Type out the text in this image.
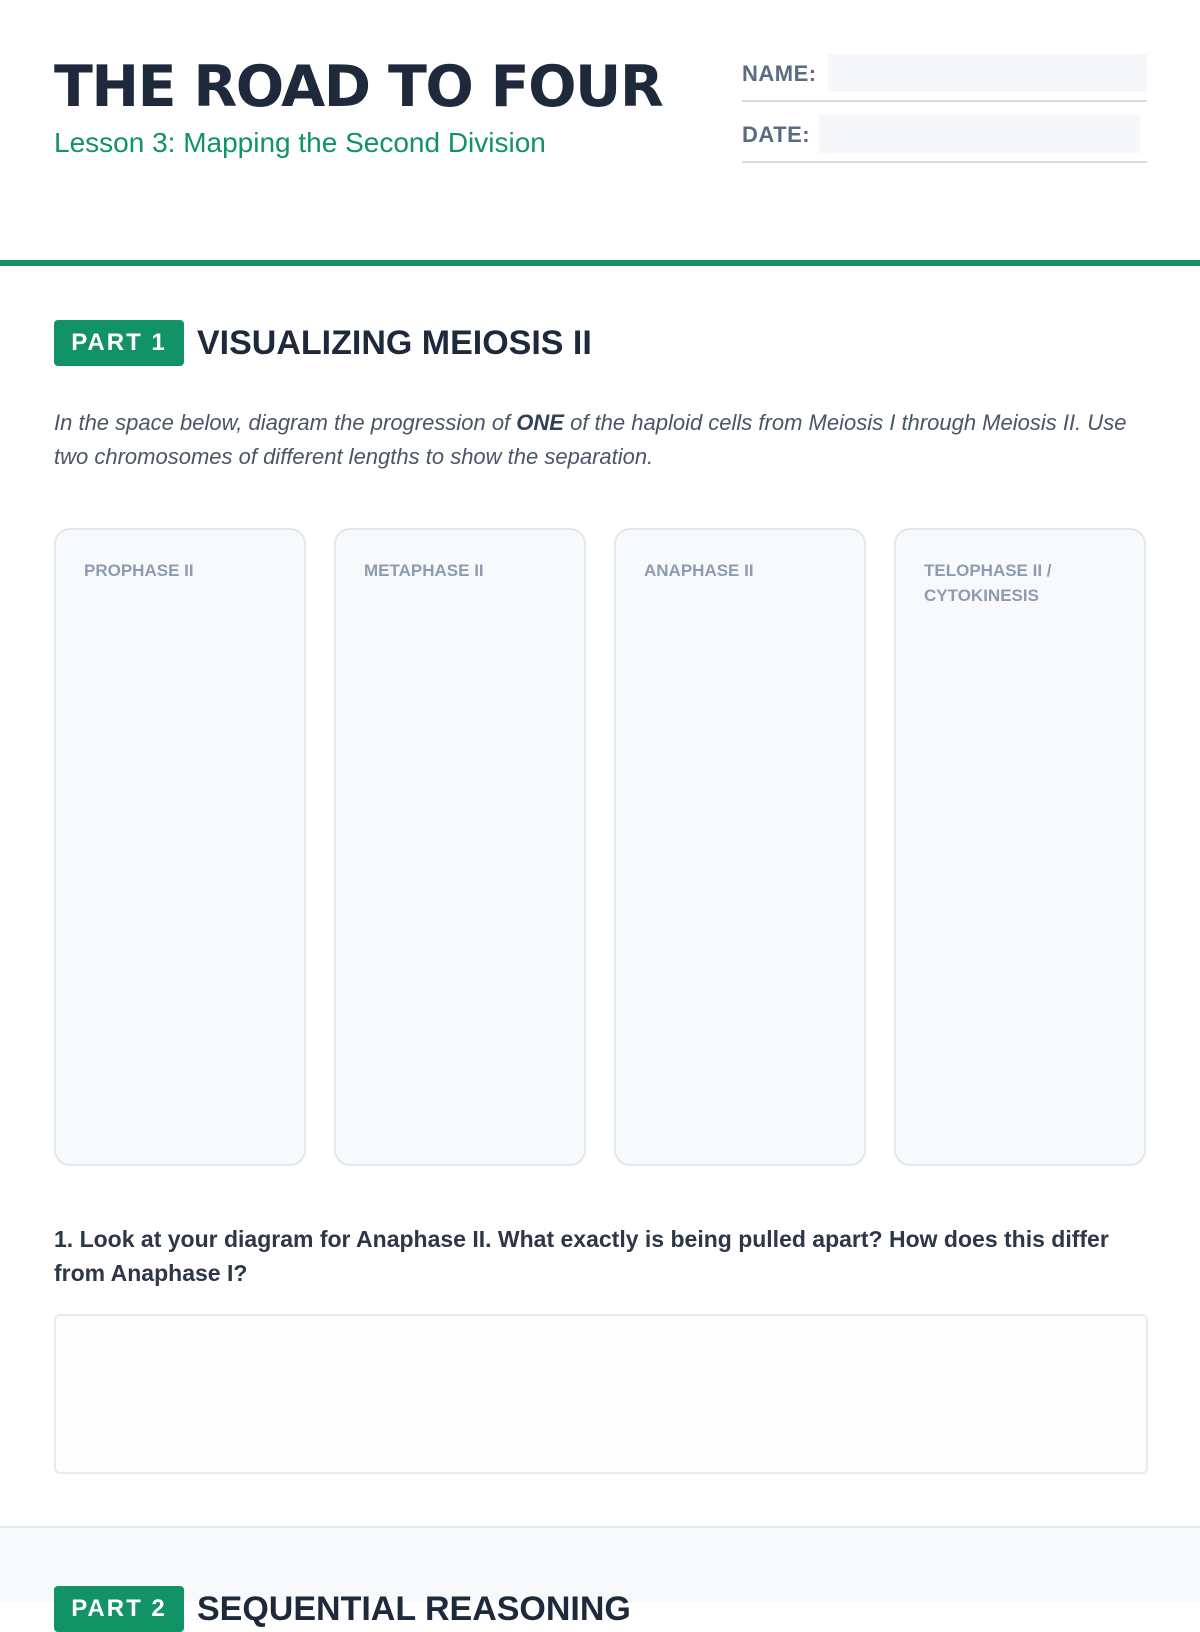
THE ROAD TO FOUR
Lesson 3: Mapping the Second Division
NAME:
DATE:
PART 1 VISUALIZING MEIOSIS II

In the space below, diagram the progression of ONE of the haploid cells from Meiosis I through Meiosis II. Use two chromosomes of different lengths to show the separation.

PROPHASE II	METAPHASE II	ANAPHASE II	TELOPHASE II / CYTOKINESIS
1. Look at your diagram for Anaphase II. What exactly is being pulled apart? How does this differ from Anaphase I?
PART 2 SEQUENTIAL REASONING
